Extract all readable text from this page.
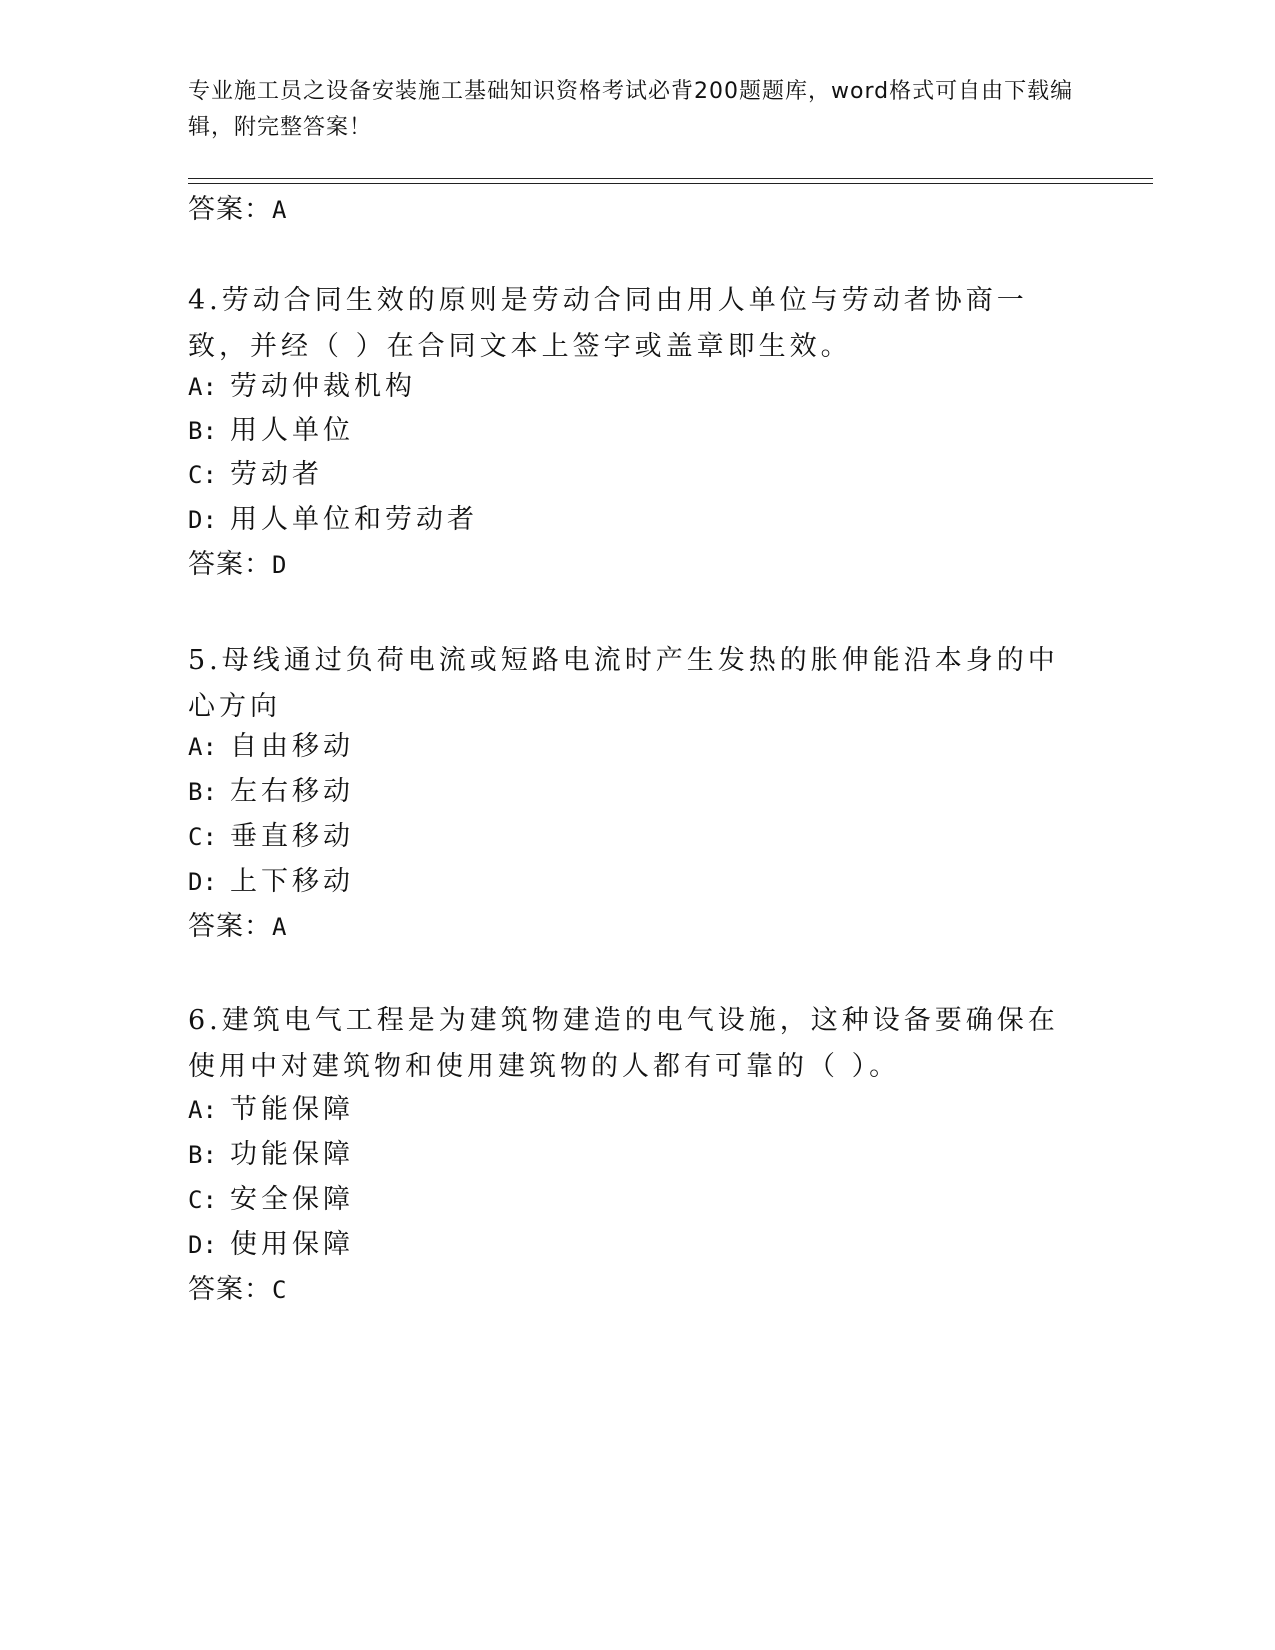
专业施工员之设备安装施工基础知识资格考试必背200题题库，word格式可自由下载编辑，附完整答案！
答案：A
4.劳动合同生效的原则是劳动合同由用人单位与劳动者协商一致，并经（ ）在合同文本上签字或盖章即生效。
A: 劳动仲裁机构
B: 用人单位
C: 劳动者
D: 用人单位和劳动者
答案：D
5.母线通过负荷电流或短路电流时产生发热的胀伸能沿本身的中心方向
A: 自由移动
B: 左右移动
C: 垂直移动
D: 上下移动
答案：A
6.建筑电气工程是为建筑物建造的电气设施，这种设备要确保在使用中对建筑物和使用建筑物的人都有可靠的（ ）。
A: 节能保障
B: 功能保障
C: 安全保障
D: 使用保障
答案：C
